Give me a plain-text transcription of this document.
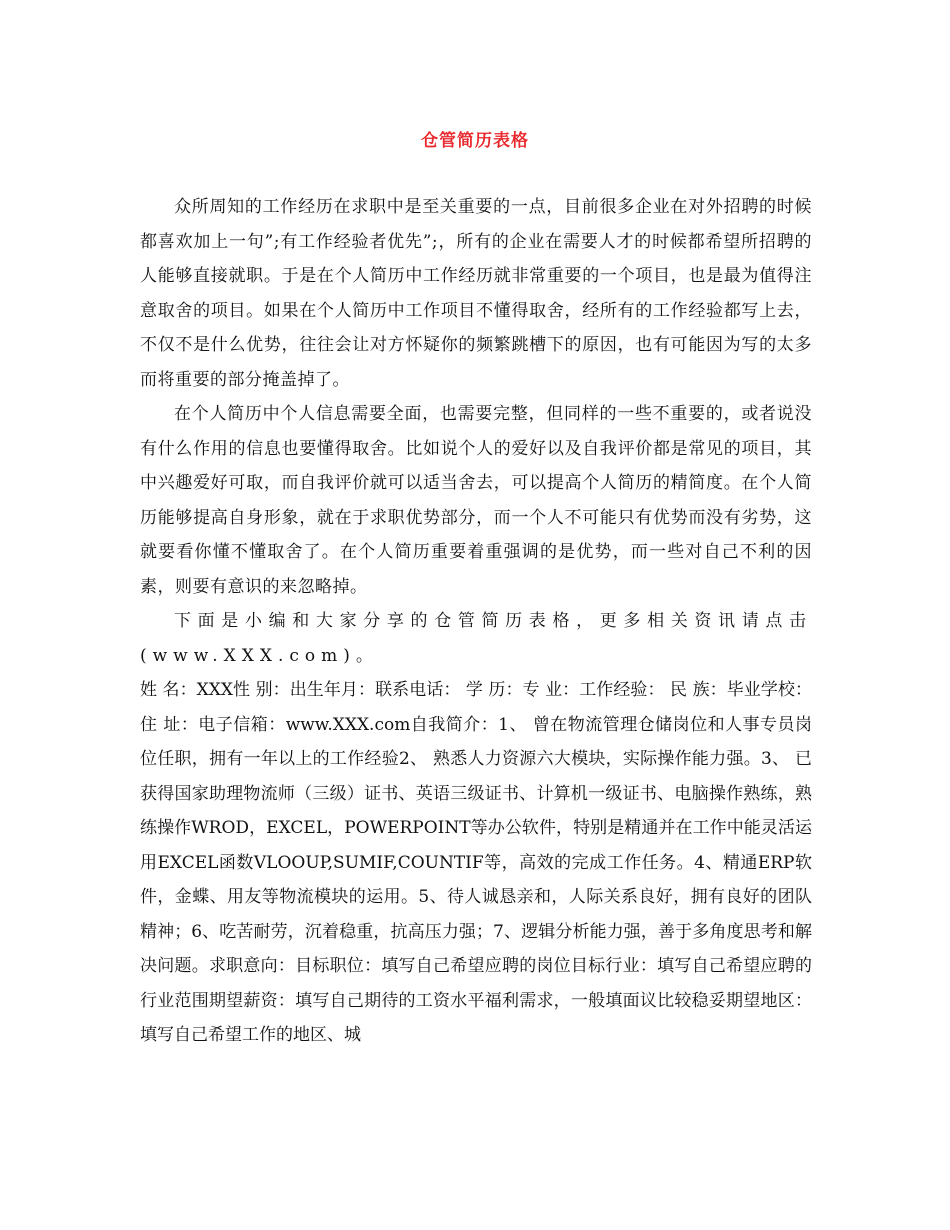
仓管简历表格

众所周知的工作经历在求职中是至关重要的一点，目前很多企业在对外招聘的时候都喜欢加上一句”;有工作经验者优先”;，所有的企业在需要人才的时候都希望所招聘的人能够直接就职。于是在个人简历中工作经历就非常重要的一个项目，也是最为值得注意取舍的项目。如果在个人简历中工作项目不懂得取舍，经所有的工作经验都写上去，不仅不是什么优势，往往会让对方怀疑你的频繁跳槽下的原因，也有可能因为写的太多而将重要的部分掩盖掉了。

在个人简历中个人信息需要全面，也需要完整，但同样的一些不重要的，或者说没有什么作用的信息也要懂得取舍。比如说个人的爱好以及自我评价都是常见的项目，其中兴趣爱好可取，而自我评价就可以适当舍去，可以提高个人简历的精简度。在个人简历能够提高自身形象，就在于求职优势部分，而一个人不可能只有优势而没有劣势，这就要看你懂不懂取舍了。在个人简历重要着重强调的是优势，而一些对自己不利的因素，则要有意识的来忽略掉。

下面是小编和大家分享的仓管简历表格，更多相关资讯请点击(www.XXX.com)。

姓 名：XXX性 别：出生年月：联系电话： 学 历：专 业：工作经验： 民 族：毕业学校：住 址：电子信箱：www.XXX.com自我简介：1、 曾在物流管理仓储岗位和人事专员岗位任职，拥有一年以上的工作经验2、 熟悉人力资源六大模块，实际操作能力强。3、 已获得国家助理物流师（三级）证书、英语三级证书、计算机一级证书、电脑操作熟练，熟练操作WROD，EXCEL，POWERPOINT等办公软件，特别是精通并在工作中能灵活运用EXCEL函数VLOOUP,SUMIF,COUNTIF等，高效的完成工作任务。4、精通ERP软件，金蝶、用友等物流模块的运用。5、待人诚恳亲和，人际关系良好，拥有良好的团队精神；6、吃苦耐劳，沉着稳重，抗高压力强；7、逻辑分析能力强，善于多角度思考和解决问题。求职意向：目标职位：填写自己希望应聘的岗位目标行业：填写自己希望应聘的行业范围期望薪资：填写自己期待的工资水平福利需求，一般填面议比较稳妥期望地区：填写自己希望工作的地区、城
